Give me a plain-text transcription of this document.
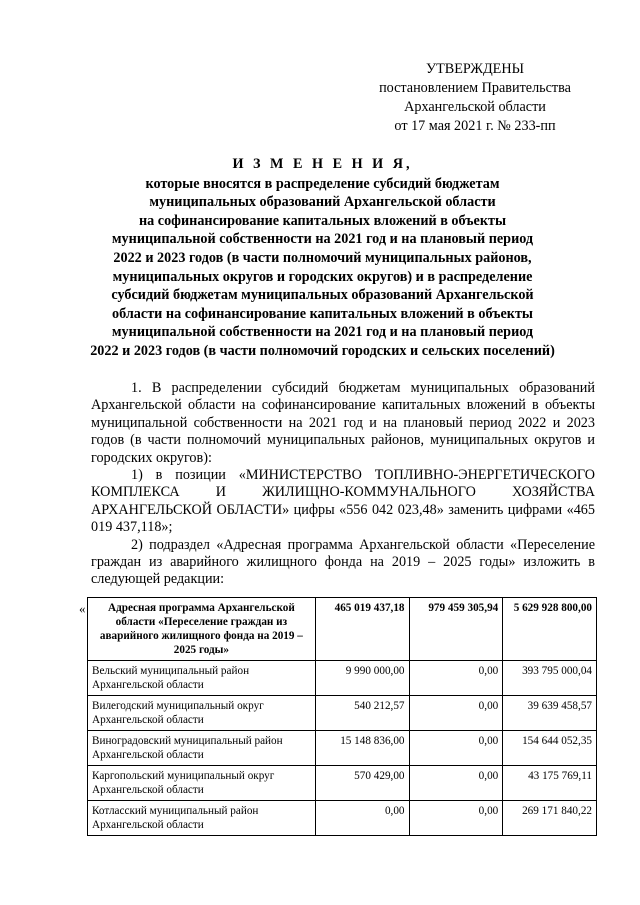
УТВЕРЖДЕНЫ
постановлением Правительства
Архангельской области
от 17 мая 2021 г. № 233-пп
И З М Е Н Е Н И Я,
которые вносятся в распределение субсидий бюджетам
муниципальных образований Архангельской области
на софинансирование капитальных вложений в объекты
муниципальной собственности на 2021 год и на плановый период
2022 и 2023 годов (в части полномочий муниципальных районов,
муниципальных округов и городских округов) и в распределение
субсидий бюджетам муниципальных образований Архангельской
области на софинансирование капитальных вложений в объекты
муниципальной собственности на 2021 год и на плановый период
2022 и 2023 годов (в части полномочий городских и сельских поселений)

1. В распределении субсидий бюджетам муниципальных образований Архангельской области на софинансирование капитальных вложений в объекты муниципальной собственности на 2021 год и на плановый период 2022 и 2023 годов (в части полномочий муниципальных районов, муниципальных округов и городских округов):

1) в позиции «МИНИСТЕРСТВО ТОПЛИВНО-ЭНЕРГЕТИЧЕСКОГО КОМПЛЕКСА И ЖИЛИЩНО-КОММУНАЛЬНОГО ХОЗЯЙСТВА АРХАНГЕЛЬСКОЙ ОБЛАСТИ» цифры «556 042 023,48» заменить цифрами «465 019 437,118»;

2) подраздел «Адресная программа Архангельской области «Переселение граждан из аварийного жилищного фонда на 2019 – 2025 годы» изложить в следующей редакции:

« Адресная программа Архангельской области «Переселение граждан из аварийного жилищного фонда на 2019 – 2025 годы»	465 019 437,18	979 459 305,94	5 629 928 800,00
Вельский муниципальный район Архангельской области	9 990 000,00	0,00	393 795 000,04
Вилегодский муниципальный округ Архангельской области	540 212,57	0,00	39 639 458,57
Виноградовский муниципальный район Архангельской области	15 148 836,00	0,00	154 644 052,35
Каргопольский муниципальный округ Архангельской области	570 429,00	0,00	43 175 769,11
Котласский муниципальный район Архангельской области	0,00	0,00	269 171 840,22
